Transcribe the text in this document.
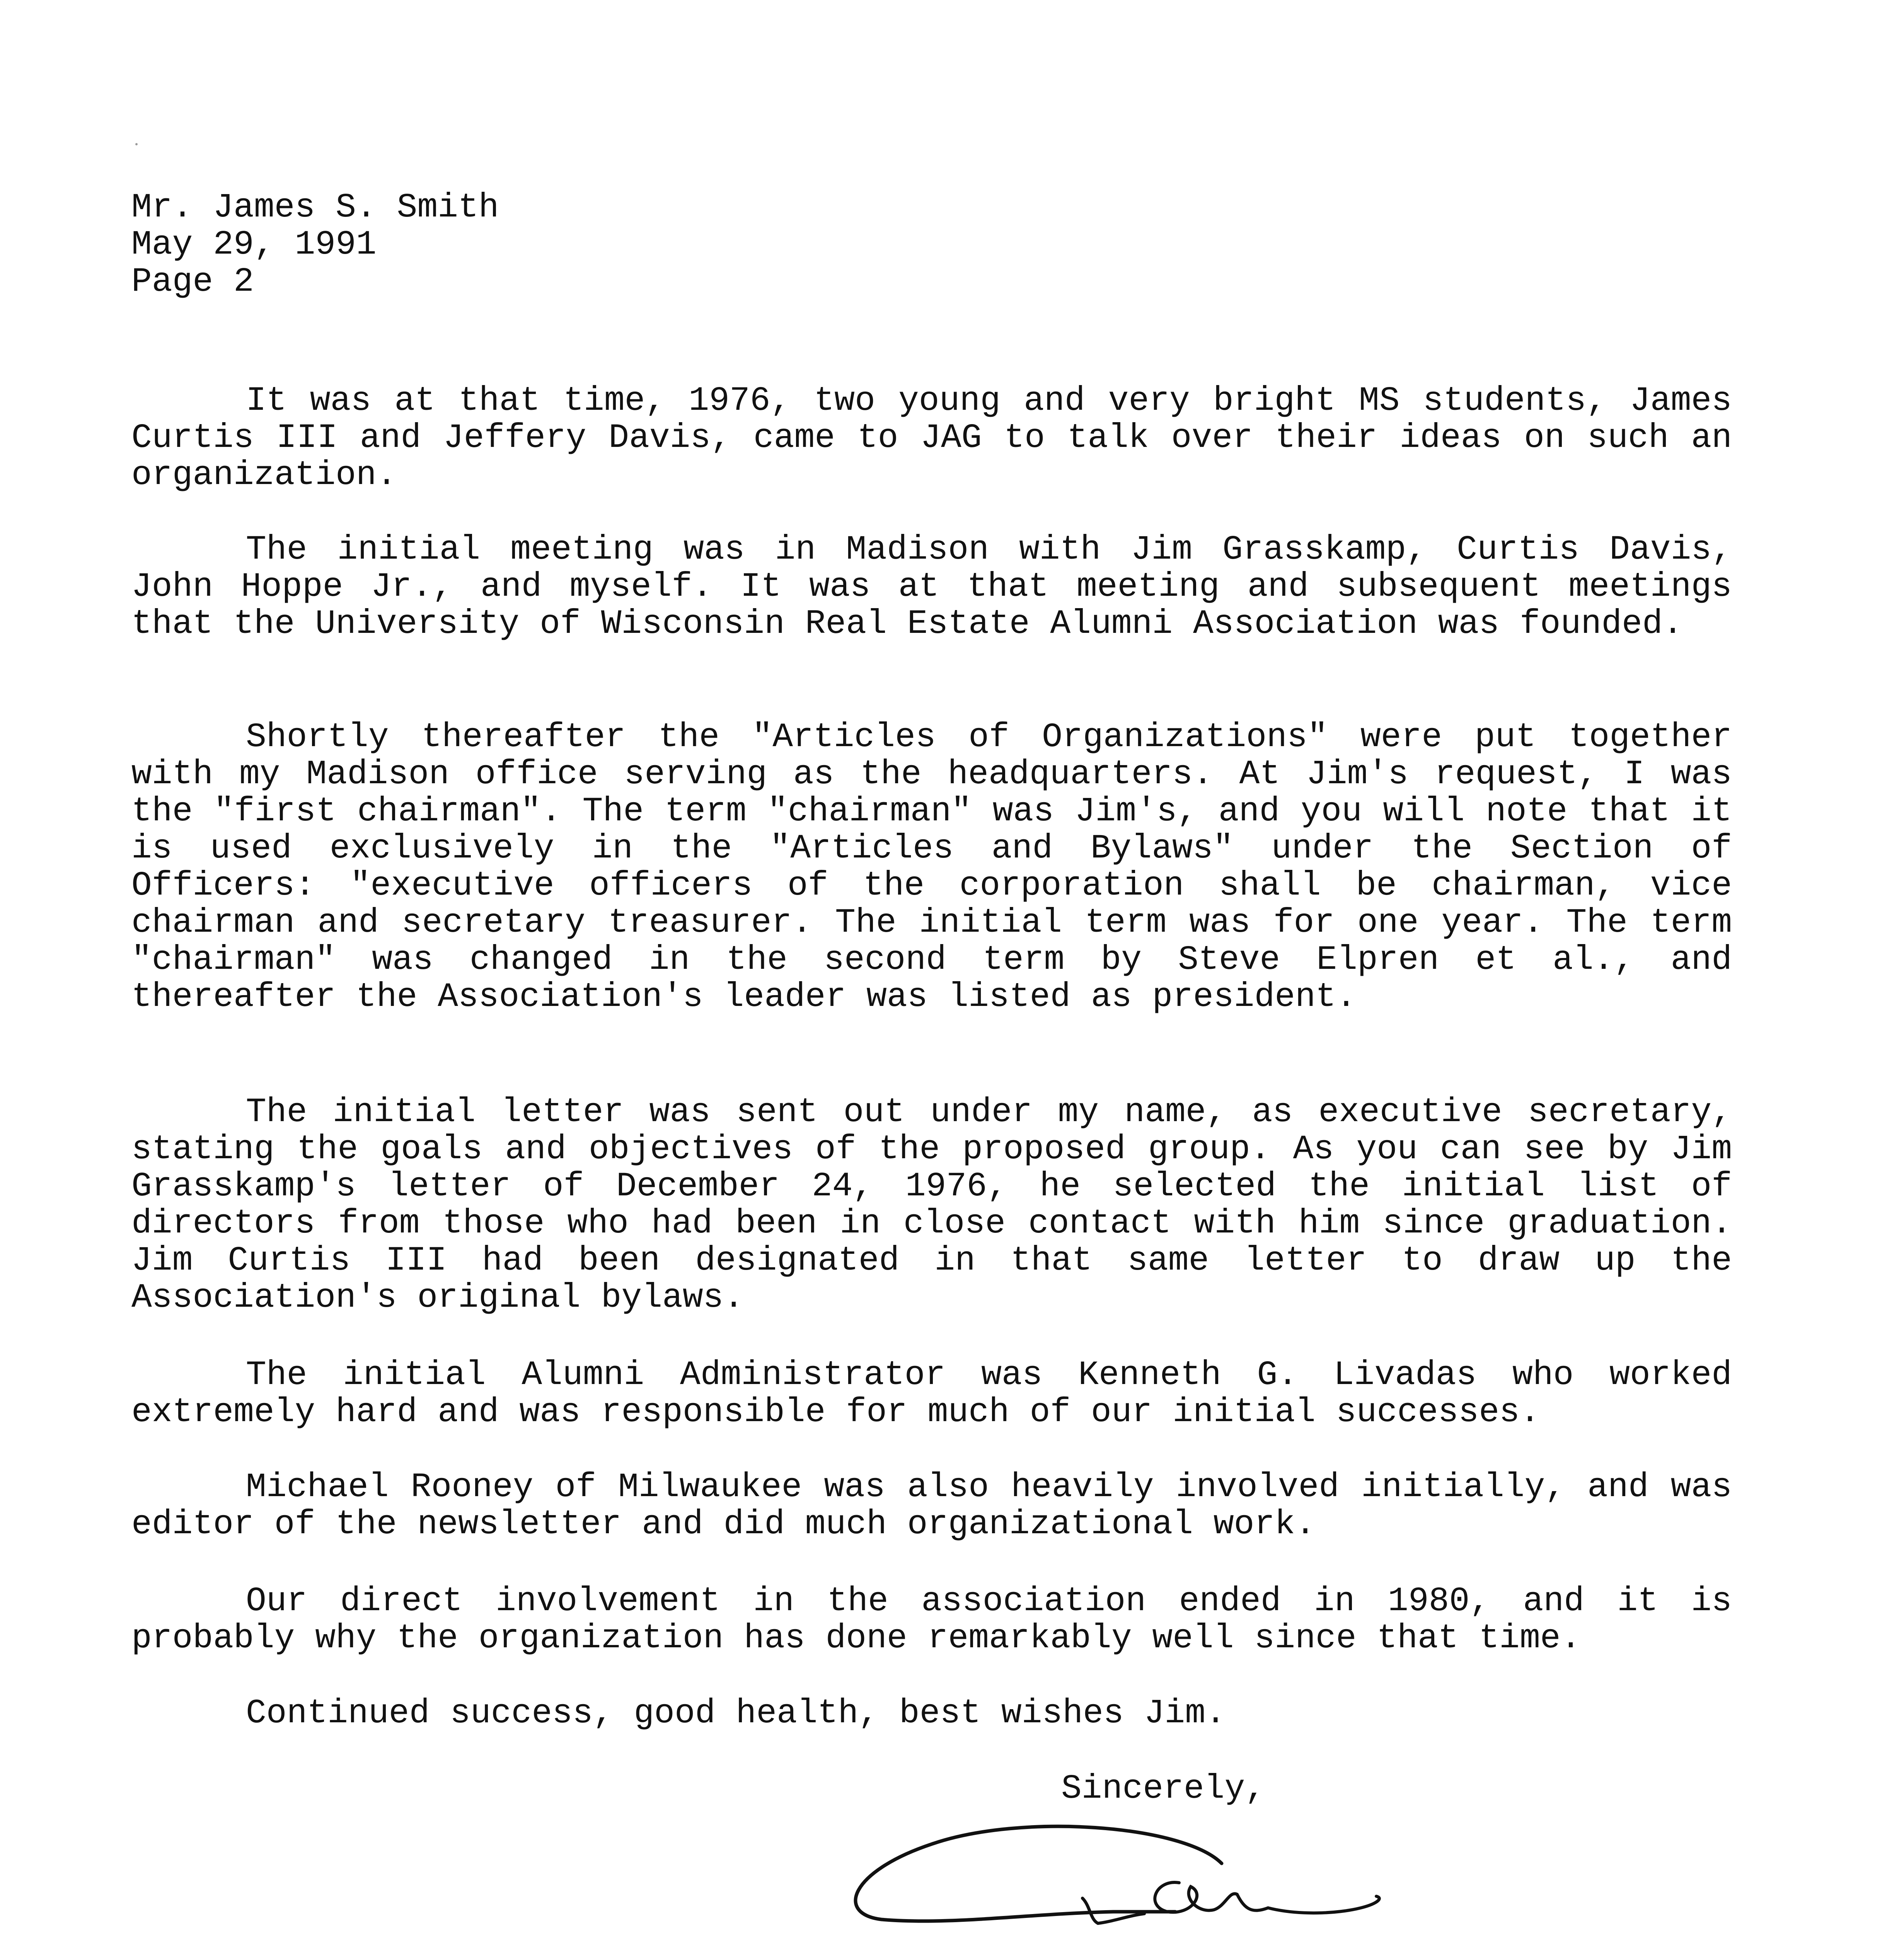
Mr. James S. Smith
May 29, 1991
Page 2

It was at that time, 1976, two young and very bright MS students, James Curtis III and Jeffery Davis, came to JAG to talk over their ideas on such an organization.

The initial meeting was in Madison with Jim Grasskamp, Curtis Davis, John Hoppe Jr., and myself. It was at that meeting and subsequent meetings that the University of Wisconsin Real Estate Alumni Association was founded.

Shortly thereafter the "Articles of Organizations" were put together with my Madison office serving as the headquarters. At Jim's request, I was the "first chairman". The term "chairman" was Jim's, and you will note that it is used exclusively in the "Articles and Bylaws" under the Section of Officers: "executive officers of the corporation shall be chairman, vice chairman and secretary treasurer. The initial term was for one year. The term "chairman" was changed in the second term by Steve Elpren et al., and thereafter the Association's leader was listed as president.

The initial letter was sent out under my name, as executive secretary, stating the goals and objectives of the proposed group. As you can see by Jim Grasskamp's letter of December 24, 1976, he selected the initial list of directors from those who had been in close contact with him since graduation. Jim Curtis III had been designated in that same letter to draw up the Association's original bylaws.

The initial Alumni Administrator was Kenneth G. Livadas who worked extremely hard and was responsible for much of our initial successes.

Michael Rooney of Milwaukee was also heavily involved initially, and was editor of the newsletter and did much organizational work.

Our direct involvement in the association ended in 1980, and it is probably why the organization has done remarkably well since that time.

Continued success, good health, best wishes Jim.

Sincerely,
